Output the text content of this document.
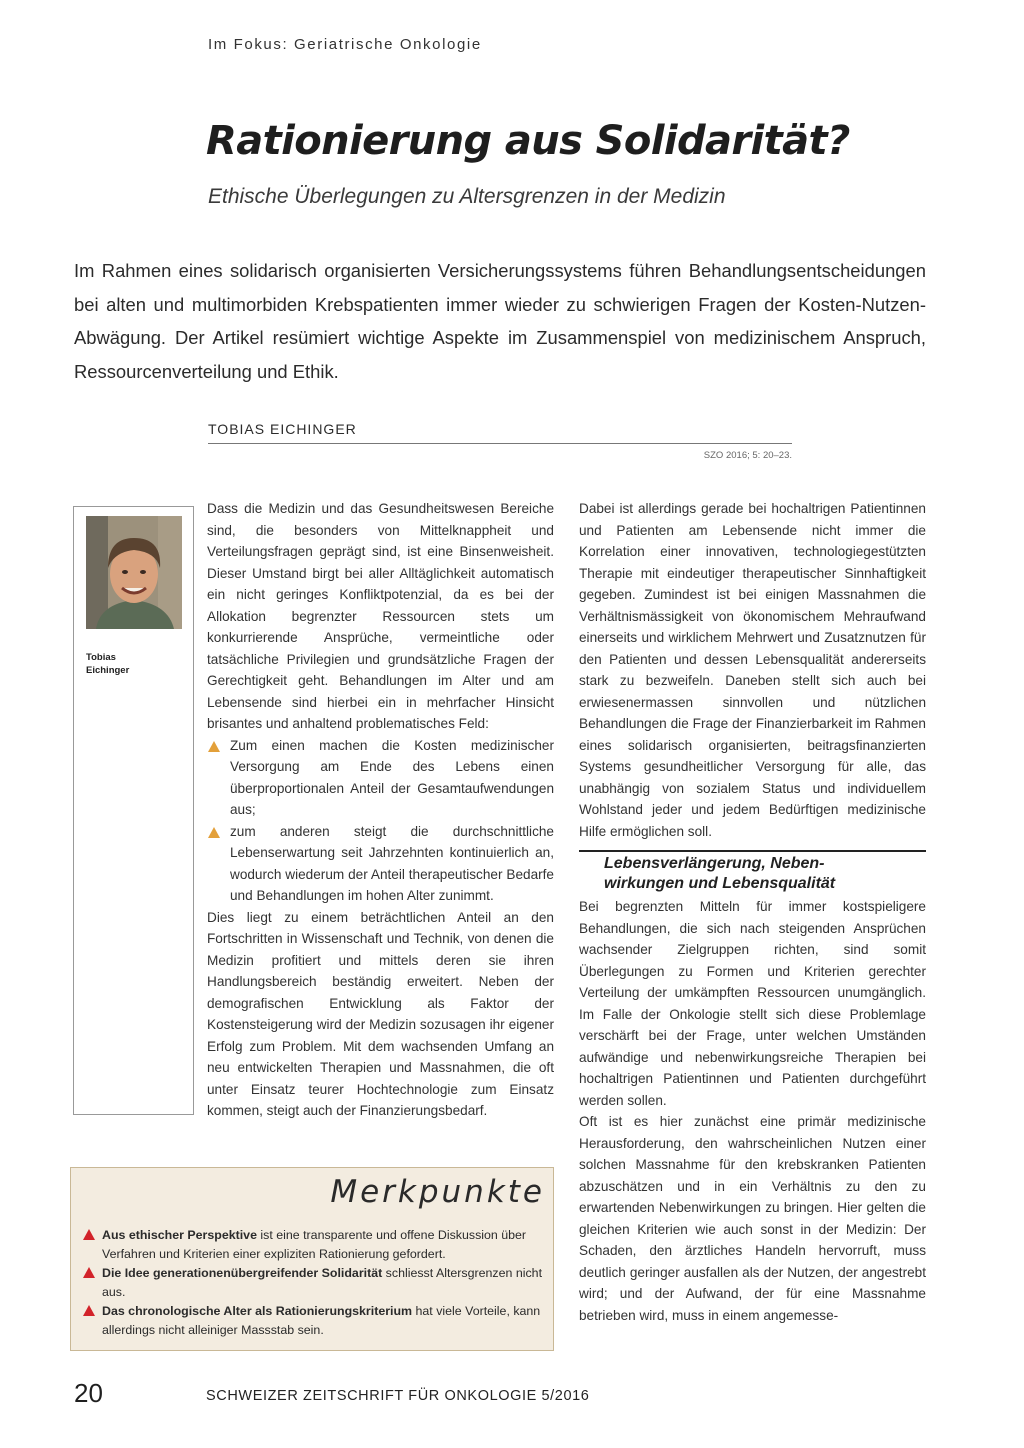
Im Fokus: Geriatrische Onkologie
Rationierung aus Solidarität?
Ethische Überlegungen zu Altersgrenzen in der Medizin
Im Rahmen eines solidarisch organisierten Versicherungssystems führen Behandlungsentscheidungen bei alten und multimorbiden Krebspatienten immer wieder zu schwierigen Fragen der Kosten-Nutzen-Abwägung. Der Artikel resümiert wichtige Aspekte im Zusammenspiel von medizinischem Anspruch, Ressourcenverteilung und Ethik.
TOBIAS EICHINGER
SZO 2016; 5: 20–23.
Tobias
Eichinger

Dass die Medizin und das Gesundheitswesen Bereiche sind, die besonders von Mittelknappheit und Verteilungsfragen geprägt sind, ist eine Binsenweisheit. Dieser Umstand birgt bei aller Alltäglichkeit automatisch ein nicht geringes Konfliktpotenzial, da es bei der Allokation begrenzter Ressourcen stets um konkurrierende Ansprüche, vermeintliche oder tatsächliche Privilegien und grundsätzliche Fragen der Gerechtigkeit geht. Behandlungen im Alter und am Lebensende sind hierbei ein in mehrfacher Hinsicht brisantes und anhaltend problematisches Feld:

Zum einen machen die Kosten medizinischer Versorgung am Ende des Lebens einen überproportionalen Anteil der Gesamtaufwendungen aus;
zum anderen steigt die durchschnittliche Lebenserwartung seit Jahrzehnten kontinuierlich an, wodurch wiederum der Anteil therapeutischer Bedarfe und Behandlungen im hohen Alter zunimmt.

Dies liegt zu einem beträchtlichen Anteil an den Fortschritten in Wissenschaft und Technik, von denen die Medizin profitiert und mittels deren sie ihren Handlungsbereich beständig erweitert. Neben der demografischen Entwicklung als Faktor der Kostensteigerung wird der Medizin sozusagen ihr eigener Erfolg zum Problem. Mit dem wachsenden Umfang an neu entwickelten Therapien und Massnahmen, die oft unter Einsatz teurer Hochtechnologie zum Einsatz kommen, steigt auch der Finanzierungsbedarf.

Dabei ist allerdings gerade bei hochaltrigen Patientinnen und Patienten am Lebensende nicht immer die Korrelation einer innovativen, technologiegestützten Therapie mit eindeutiger therapeutischer Sinnhaftigkeit gegeben. Zumindest ist bei einigen Massnahmen die Verhältnismässigkeit von ökonomischem Mehraufwand einerseits und wirklichem Mehrwert und Zusatznutzen für den Patienten und dessen Lebensqualität andererseits stark zu bezweifeln. Daneben stellt sich auch bei erwiesenermassen sinnvollen und nützlichen Behandlungen die Frage der Finanzierbarkeit im Rahmen eines solidarisch organisierten, beitragsfinanzierten Systems gesundheitlicher Versorgung für alle, das unabhängig von sozialem Status und individuellem Wohlstand jeder und jedem Bedürftigen medizinische Hilfe ermöglichen soll.

Lebensverlängerung, Neben-
wirkungen und Lebensqualität

Bei begrenzten Mitteln für immer kostspieligere Behandlungen, die sich nach steigenden Ansprüchen wachsender Zielgruppen richten, sind somit Überlegungen zu Formen und Kriterien gerechter Verteilung der umkämpften Ressourcen unumgänglich. Im Falle der Onkologie stellt sich diese Problemlage verschärft bei der Frage, unter welchen Umständen aufwändige und nebenwirkungsreiche Therapien bei hochaltrigen Patientinnen und Patienten durchgeführt werden sollen.

Oft ist es hier zunächst eine primär medizinische Herausforderung, den wahrscheinlichen Nutzen einer solchen Massnahme für den krebskranken Patienten abzuschätzen und in ein Verhältnis zu den zu erwartenden Nebenwirkungen zu bringen. Hier gelten die gleichen Kriterien wie auch sonst in der Medizin: Der Schaden, den ärztliches Handeln hervorruft, muss deutlich geringer ausfallen als der Nutzen, der angestrebt wird; und der Aufwand, der für eine Massnahme betrieben wird, muss in einem angemesse-

Merkpunkte
Aus ethischer Perspektive ist eine transparente und offene Diskussion über Verfahren und Kriterien einer expliziten Rationierung gefordert.
Die Idee generationenübergreifender Solidarität schliesst Altersgrenzen nicht aus.
Das chronologische Alter als Rationierungskriterium hat viele Vorteile, kann allerdings nicht alleiniger Massstab sein.
20	SCHWEIZER ZEITSCHRIFT FÜR ONKOLOGIE 5/2016
